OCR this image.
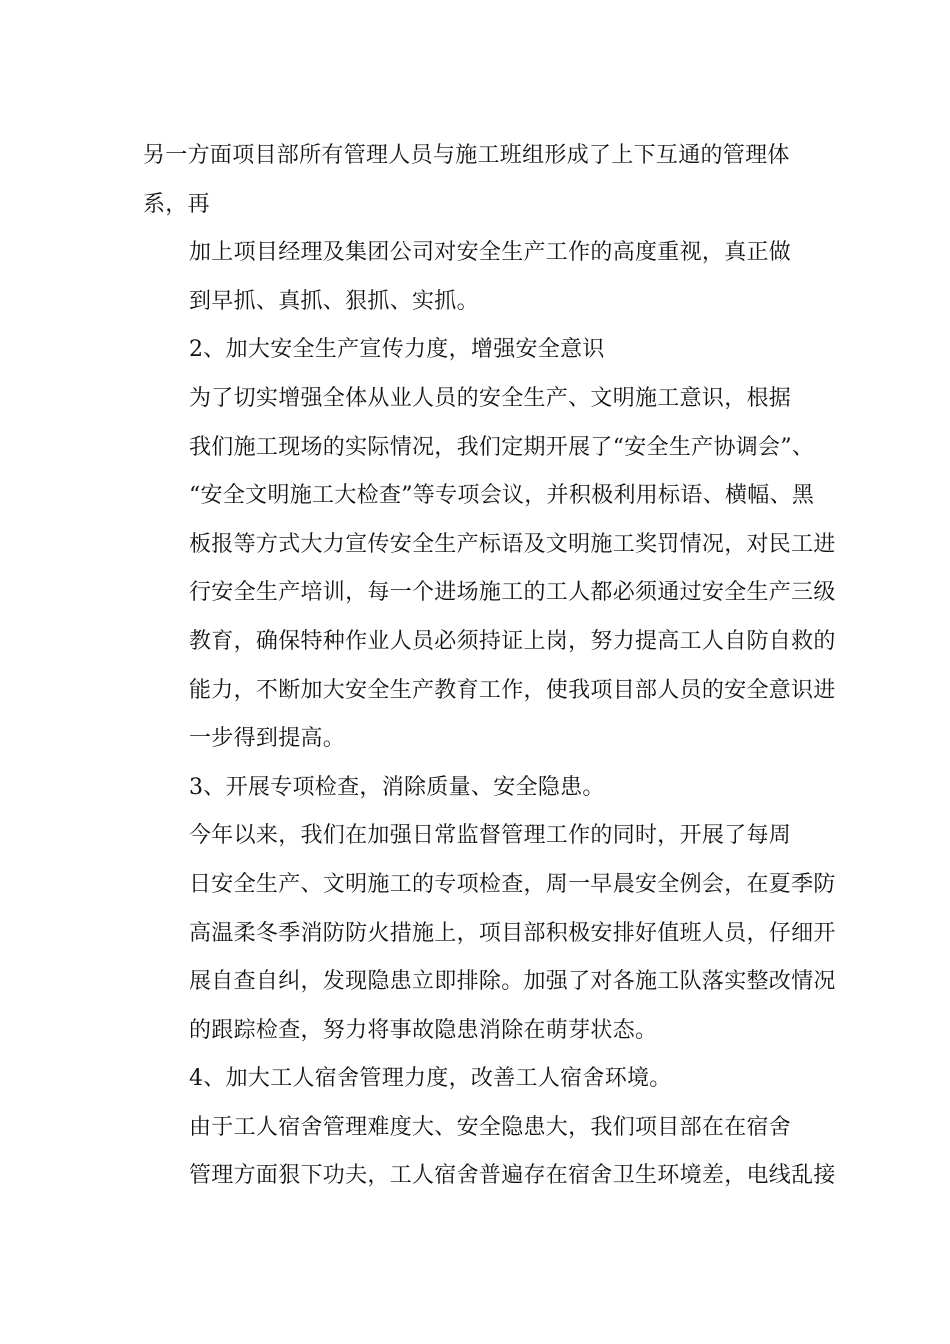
另一方面项目部所有管理人员与施工班组形成了上下互通的管理体
系，再
加上项目经理及集团公司对安全生产工作的高度重视，真正做
到早抓、真抓、狠抓、实抓。
2、加大安全生产宣传力度，增强安全意识
为了切实增强全体从业人员的安全生产、文明施工意识，根据
我们施工现场的实际情况，我们定期开展了“安全生产协调会”、
“安全文明施工大检查”等专项会议，并积极利用标语、横幅、黑
板报等方式大力宣传安全生产标语及文明施工奖罚情况，对民工进
行安全生产培训，每一个进场施工的工人都必须通过安全生产三级
教育，确保特种作业人员必须持证上岗，努力提高工人自防自救的
能力，不断加大安全生产教育工作，使我项目部人员的安全意识进
一步得到提高。
3、开展专项检查，消除质量、安全隐患。
今年以来，我们在加强日常监督管理工作的同时，开展了每周
日安全生产、文明施工的专项检查，周一早晨安全例会，在夏季防
高温柔冬季消防防火措施上，项目部积极安排好值班人员，仔细开
展自查自纠，发现隐患立即排除。加强了对各施工队落实整改情况
的跟踪检查，努力将事故隐患消除在萌芽状态。
4、加大工人宿舍管理力度，改善工人宿舍环境。
由于工人宿舍管理难度大、安全隐患大，我们项目部在在宿舍
管理方面狠下功夫，工人宿舍普遍存在宿舍卫生环境差，电线乱接
